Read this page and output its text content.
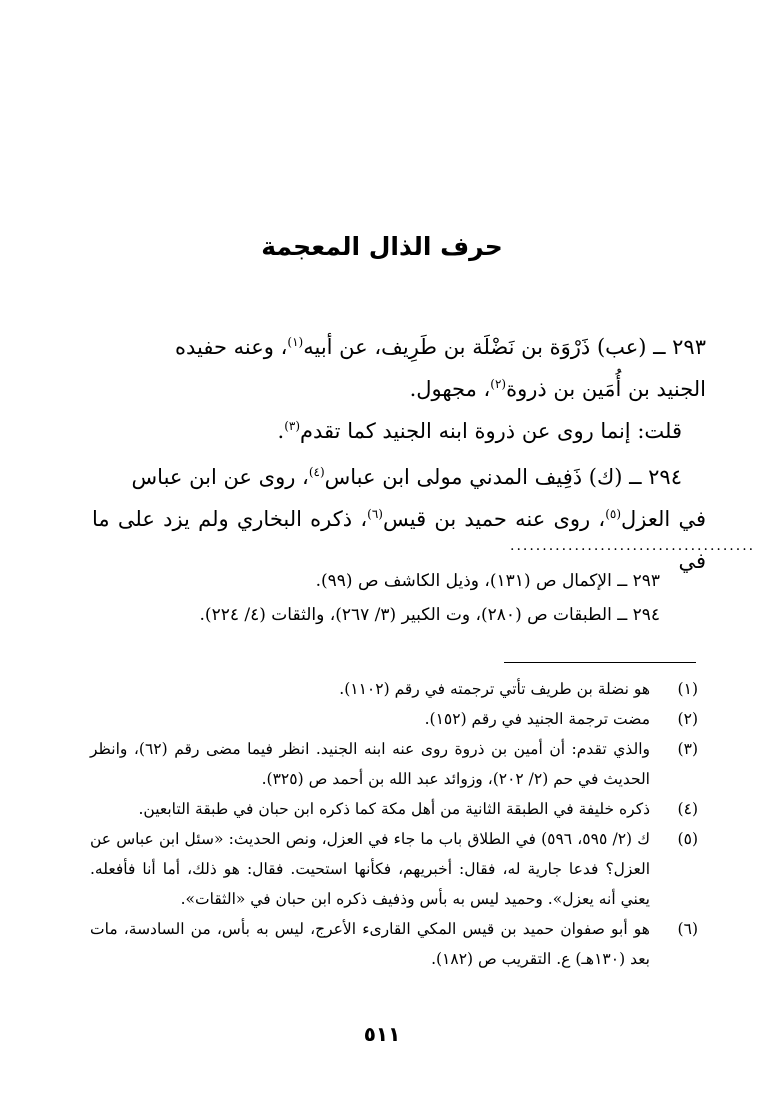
حرف الذال المعجمة

٢٩٣ ــ (عب) ذَرْوَة بن نَضْلَة بن طَرِيف، عن أبيه$^{(١)}$، وعنه حفيده

الجنيد بن أُمَين بن ذروة$^{(٢)}$، مجهول.

قلت: إنما روى عن ذروة ابنه الجنيد كما تقدم$^{(٣)}$.

٢٩٤ ــ (ك) ذَفِيف المدني مولى ابن عباس$^{(٤)}$، روى عن ابن عباس

في العزل$^{(٥)}$، روى عنه حميد بن قيس$^{(٦)}$، ذكره البخاري ولم يزد على ما في

......................................

٢٩٣ ــ الإكمال ص (١٣١)، وذيل الكاشف ص (٩٩).

٢٩٤ ــ الطبقات ص (٢٨٠)، وت الكبير (٣/ ٢٦٧)، والثقات (٤/ ٢٢٤).

(١)
هو نضلة بن طريف تأتي ترجمته في رقم (١١٠٢).
(٢)
مضت ترجمة الجنيد في رقم (١٥٢).
(٣)
والذي تقدم: أن أمين بن ذروة روى عنه ابنه الجنيد. انظر فيما مضى رقم (٦٢)، وانظر الحديث في حم (٢/ ٢٠٢)، وزوائد عبد الله بن أحمد ص (٣٢٥).
(٤)
ذكره خليفة في الطبقة الثانية من أهل مكة كما ذكره ابن حبان في طبقة التابعين.
(٥)
ك (٢/ ٥٩٥، ٥٩٦) في الطلاق باب ما جاء في العزل، ونص الحديث: «سئل ابن عباس عن العزل؟ فدعا جارية له، فقال: أخبريهم، فكأنها استحيت. فقال: هو ذلك، أما أنا فأفعله. يعني أنه يعزل». وحميد ليس به بأس وذفيف ذكره ابن حبان في «الثقات».
(٦)
هو أبو صفوان حميد بن قيس المكي القارىء الأعرج، ليس به بأس، من السادسة، مات بعد (١٣٠هـ) ع. التقريب ص (١٨٢).
٥١١
